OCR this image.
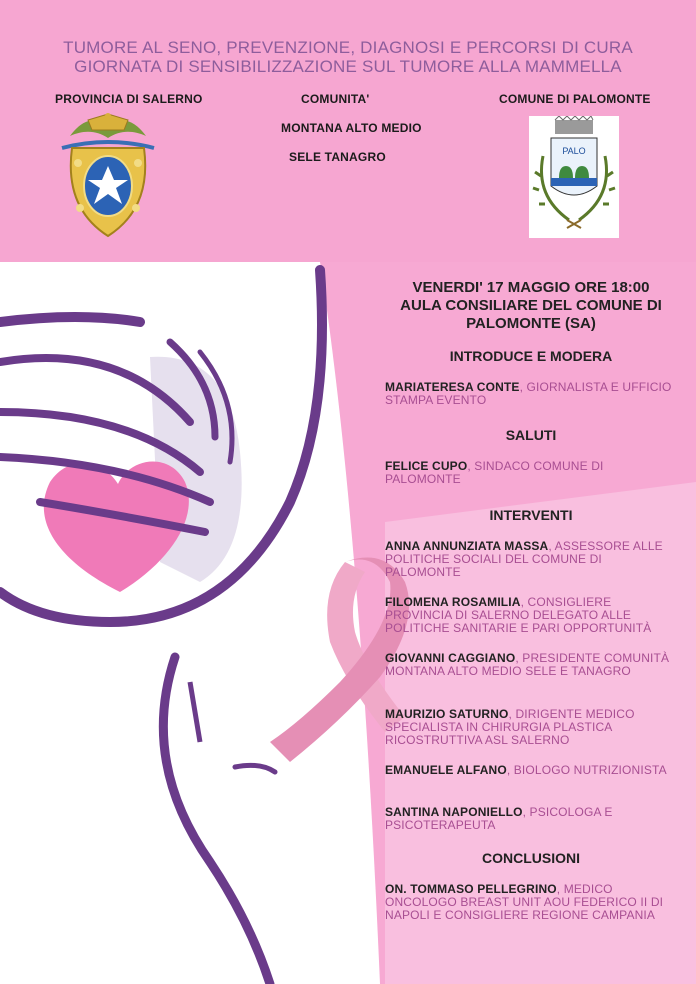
TUMORE AL SENO, PREVENZIONE, DIAGNOSI E PERCORSI DI CURA
GIORNATA DI SENSIBILIZZAZIONE SUL TUMORE ALLA MAMMELLA
PROVINCIA DI SALERNO	COMUNITA'
MONTANA ALTO MEDIO
SELE TANAGRO
COMUNE DI PALOMONTE
PALO
VENERDI' 17 MAGGIO ORE 18:00
AULA CONSILIARE DEL COMUNE DI
PALOMONTE (SA)
INTRODUCE E MODERA
MARIATERESA CONTE, GIORNALISTA E UFFICIO STAMPA EVENTO
SALUTI
FELICE CUPO, SINDACO COMUNE DI PALOMONTE
INTERVENTI
ANNA ANNUNZIATA MASSA, ASSESSORE ALLE POLITICHE SOCIALI DEL COMUNE DI PALOMONTE
FILOMENA ROSAMILIA, CONSIGLIERE PROVINCIA DI SALERNO DELEGATO ALLE POLITICHE SANITARIE E PARI OPPORTUNITÀ
GIOVANNI CAGGIANO, PRESIDENTE COMUNITÀ MONTANA ALTO MEDIO SELE E TANAGRO
MAURIZIO SATURNO, DIRIGENTE MEDICO SPECIALISTA IN CHIRURGIA PLASTICA RICOSTRUTTIVA ASL SALERNO
EMANUELE ALFANO, BIOLOGO NUTRIZIONISTA
SANTINA NAPONIELLO, PSICOLOGA E PSICOTERAPEUTA
CONCLUSIONI
ON. TOMMASO PELLEGRINO, MEDICO ONCOLOGO BREAST UNIT AOU FEDERICO II DI NAPOLI E CONSIGLIERE REGIONE CAMPANIA
